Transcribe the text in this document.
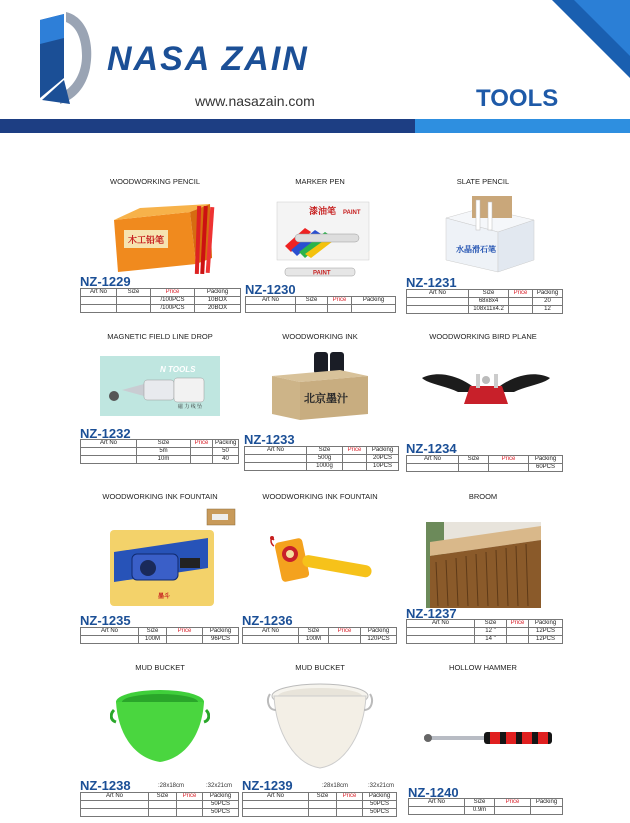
NASA ZAIN
www.nasazain.com	TOOLS
WOODWORKING PENCIL
木工铅笔
NZ-1229
Art No	Size	Price	Packing
		/100PCS	10BOX
		/100PCS	20BOX
MARKER PEN
漆油笔 PAINT
PAINT
NZ-1230
Art No	Size	Price	Packing

SLATE PENCIL
水晶滑石笔
NZ-1231
Art No	Size	Price	Packing
	68x8x4		20
	108x11x4.2		12
MAGNETIC FIELD LINE DROP
N TOOLS
磁 力 线 坠
NZ-1232
Art No	Size	Price	Packing
	5m		50
	10m		40
WOODWORKING INK
北京墨汁
NZ-1233
Art No	Size	Price	Packing
	500g		20PCS
	1000g		10PCS
WOODWORKING BIRD PLANE
NZ-1234
Art No	Size	Price	Packing
			60PCS
WOODWORKING INK FOUNTAIN
墨斗
NZ-1235
Art No	Size	Price	Packing
	100M		96PCS
WOODWORKING INK FOUNTAIN
NZ-1236
Art No	Size	Price	Packing
	100M		120PCS
BROOM
NZ-1237
Art No	Size	Price	Packing
	12 "		12PCS
	14 "		12PCS
MUD BUCKET
NZ-1238	:28x18cm	:32x21cm
Art No	Size	Price	Packing
			50PCS
			50PCS
MUD BUCKET
NZ-1239	:28x18cm	:32x21cm
Art No	Size	Price	Packing
			50PCS
			50PCS
HOLLOW HAMMER
NZ-1240
Art No	Size	Price	Packing
	0.9m		
